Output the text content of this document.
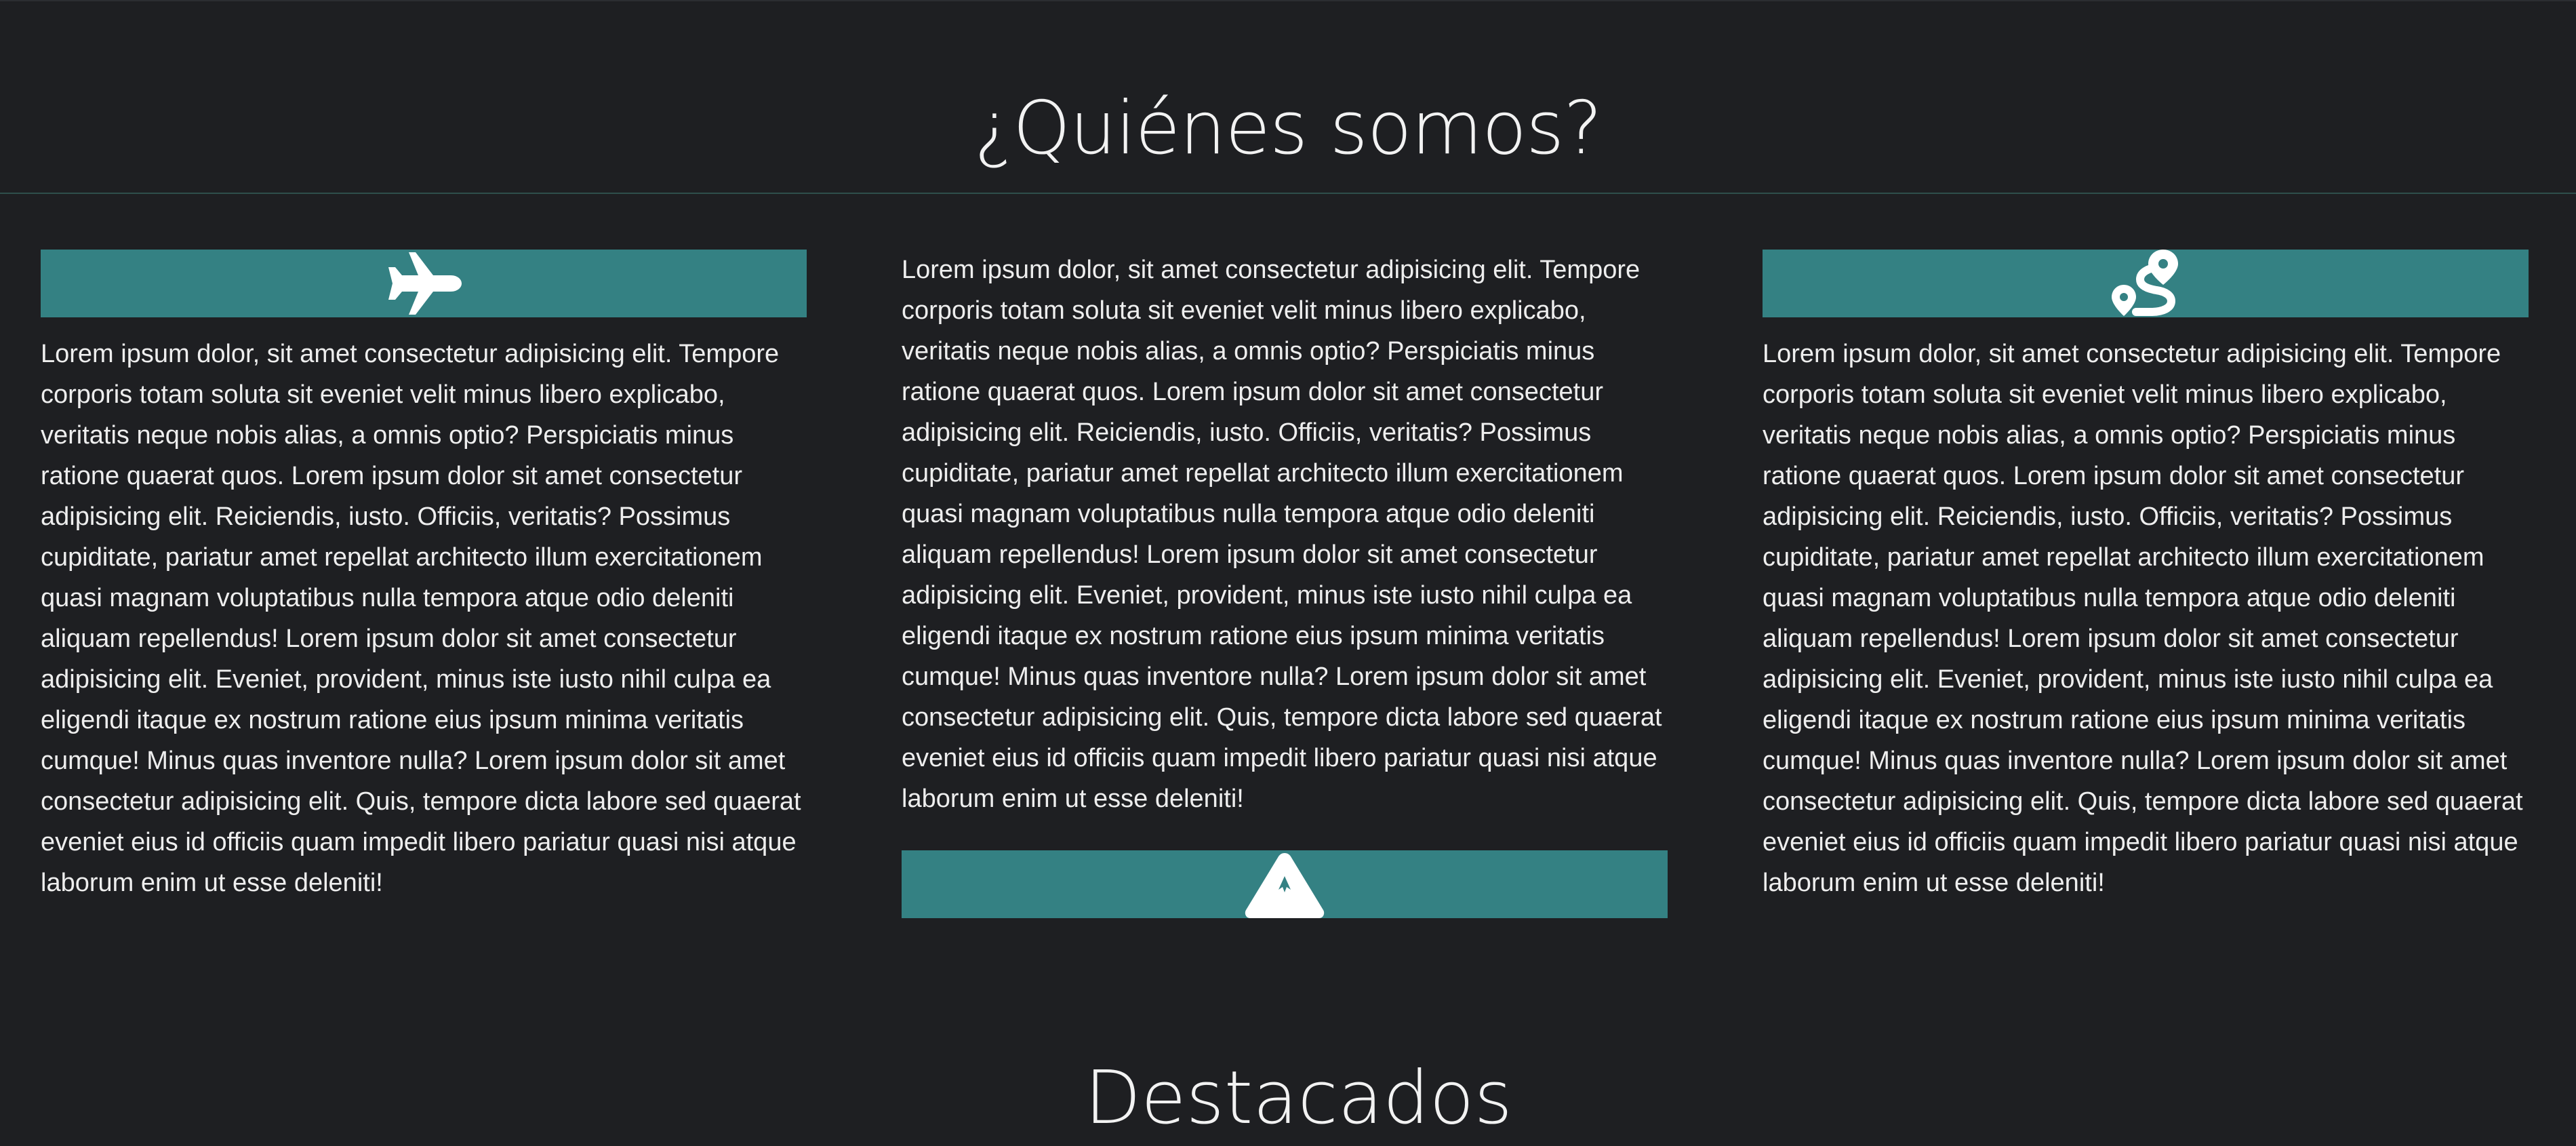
¿Quiénes somos?

Lorem ipsum dolor, sit amet consectetur adipisicing elit. Tempore corporis totam soluta sit eveniet velit minus libero explicabo, veritatis neque nobis alias, a omnis optio? Perspiciatis minus ratione quaerat quos. Lorem ipsum dolor sit amet consectetur adipisicing elit. Reiciendis, iusto. Officiis, veritatis? Possimus cupiditate, pariatur amet repellat architecto illum exercitationem quasi magnam voluptatibus nulla tempora atque odio deleniti aliquam repellendus! Lorem ipsum dolor sit amet consectetur adipisicing elit. Eveniet, provident, minus iste iusto nihil culpa ea eligendi itaque ex nostrum ratione eius ipsum minima veritatis cumque! Minus quas inventore nulla? Lorem ipsum dolor sit amet consectetur adipisicing elit. Quis, tempore dicta labore sed quaerat eveniet eius id officiis quam impedit libero pariatur quasi nisi atque laborum enim ut esse deleniti!

Lorem ipsum dolor, sit amet consectetur adipisicing elit. Tempore corporis totam soluta sit eveniet velit minus libero explicabo, veritatis neque nobis alias, a omnis optio? Perspiciatis minus ratione quaerat quos. Lorem ipsum dolor sit amet consectetur adipisicing elit. Reiciendis, iusto. Officiis, veritatis? Possimus cupiditate, pariatur amet repellat architecto illum exercitationem quasi magnam voluptatibus nulla tempora atque odio deleniti aliquam repellendus! Lorem ipsum dolor sit amet consectetur adipisicing elit. Eveniet, provident, minus iste iusto nihil culpa ea eligendi itaque ex nostrum ratione eius ipsum minima veritatis cumque! Minus quas inventore nulla? Lorem ipsum dolor sit amet consectetur adipisicing elit. Quis, tempore dicta labore sed quaerat eveniet eius id officiis quam impedit libero pariatur quasi nisi atque laborum enim ut esse deleniti!

Lorem ipsum dolor, sit amet consectetur adipisicing elit. Tempore corporis totam soluta sit eveniet velit minus libero explicabo, veritatis neque nobis alias, a omnis optio? Perspiciatis minus ratione quaerat quos. Lorem ipsum dolor sit amet consectetur adipisicing elit. Reiciendis, iusto. Officiis, veritatis? Possimus cupiditate, pariatur amet repellat architecto illum exercitationem quasi magnam voluptatibus nulla tempora atque odio deleniti aliquam repellendus! Lorem ipsum dolor sit amet consectetur adipisicing elit. Eveniet, provident, minus iste iusto nihil culpa ea eligendi itaque ex nostrum ratione eius ipsum minima veritatis cumque! Minus quas inventore nulla? Lorem ipsum dolor sit amet consectetur adipisicing elit. Quis, tempore dicta labore sed quaerat eveniet eius id officiis quam impedit libero pariatur quasi nisi atque laborum enim ut esse deleniti!

Destacados
